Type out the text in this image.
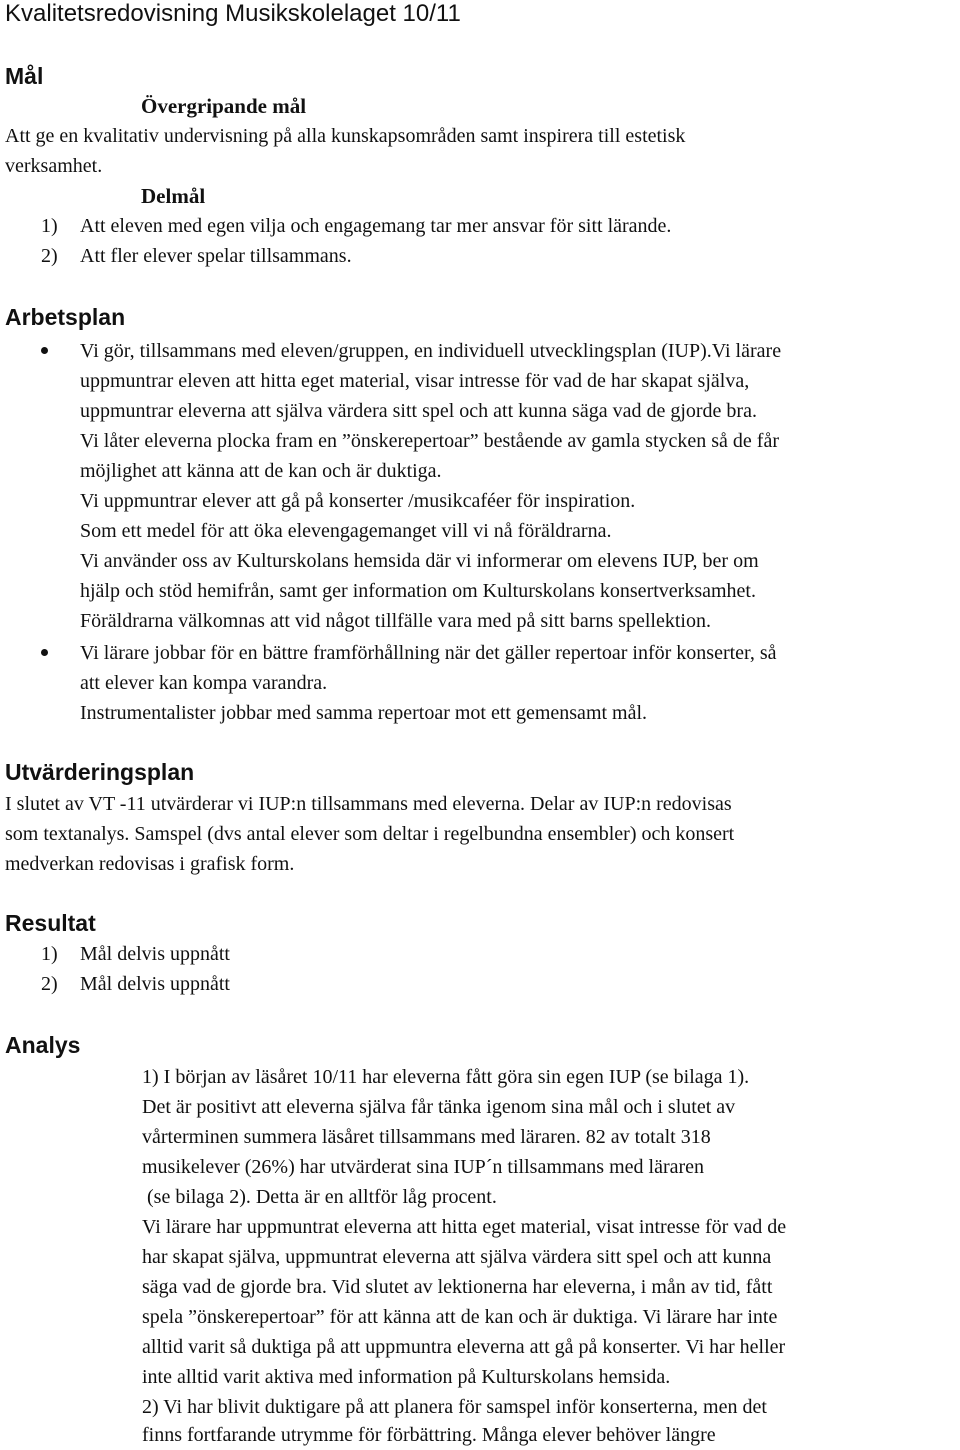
Kvalitetsredovisning Musikskolelaget 10/11
Mål
Övergripande mål
Att ge en kvalitativ undervisning på alla kunskapsområden samt inspirera till estetisk
verksamhet.
Delmål
1) Att eleven med egen vilja och engagemang tar mer ansvar för sitt lärande.
2) Att fler elever spelar tillsammans.
Arbetsplan
Vi gör, tillsammans med eleven/gruppen, en individuell utvecklingsplan (IUP).Vi lärare
uppmuntrar eleven att hitta eget material, visar intresse för vad de har skapat själva,
uppmuntrar eleverna att själva värdera sitt spel och att kunna säga vad de gjorde bra.
Vi låter eleverna plocka fram en ”önskerepertoar” bestående av gamla stycken så de får
möjlighet att känna att de kan och är duktiga.
Vi uppmuntrar elever att gå på konserter /musikcaféer för inspiration.
Som ett medel för att öka elevengagemanget vill vi nå föräldrarna.
Vi använder oss av Kulturskolans hemsida där vi informerar om elevens IUP, ber om
hjälp och stöd hemifrån, samt ger information om Kulturskolans konsertverksamhet.
Föräldrarna välkomnas att vid något tillfälle vara med på sitt barns spellektion.
Vi lärare jobbar för en bättre framförhållning när det gäller repertoar inför konserter, så
att elever kan kompa varandra.
Instrumentalister jobbar med samma repertoar mot ett gemensamt mål.
Utvärderingsplan
I slutet av VT -11 utvärderar vi IUP:n tillsammans med eleverna. Delar av IUP:n redovisas
som textanalys. Samspel (dvs antal elever som deltar i regelbundna ensembler) och konsert
medverkan redovisas i grafisk form.
Resultat
1) Mål delvis uppnått
2) Mål delvis uppnått
Analys
1) I början av läsåret 10/11 har eleverna fått göra sin egen IUP (se bilaga 1).
Det är positivt att eleverna själva får tänka igenom sina mål och i slutet av
vårterminen summera läsåret tillsammans med läraren. 82 av totalt 318
musikelever (26%) har utvärderat sina IUP´n tillsammans med läraren
(se bilaga 2). Detta är en alltför låg procent.
Vi lärare har uppmuntrat eleverna att hitta eget material, visat intresse för vad de
har skapat själva, uppmuntrat eleverna att själva värdera sitt spel och att kunna
säga vad de gjorde bra. Vid slutet av lektionerna har eleverna, i mån av tid, fått
spela ”önskerepertoar” för att känna att de kan och är duktiga. Vi lärare har inte
alltid varit så duktiga på att uppmuntra eleverna att gå på konserter. Vi har heller
inte alltid varit aktiva med information på Kulturskolans hemsida.
2) Vi har blivit duktigare på att planera för samspel inför konserterna, men det
finns fortfarande utrymme för förbättring. Många elever behöver längre
